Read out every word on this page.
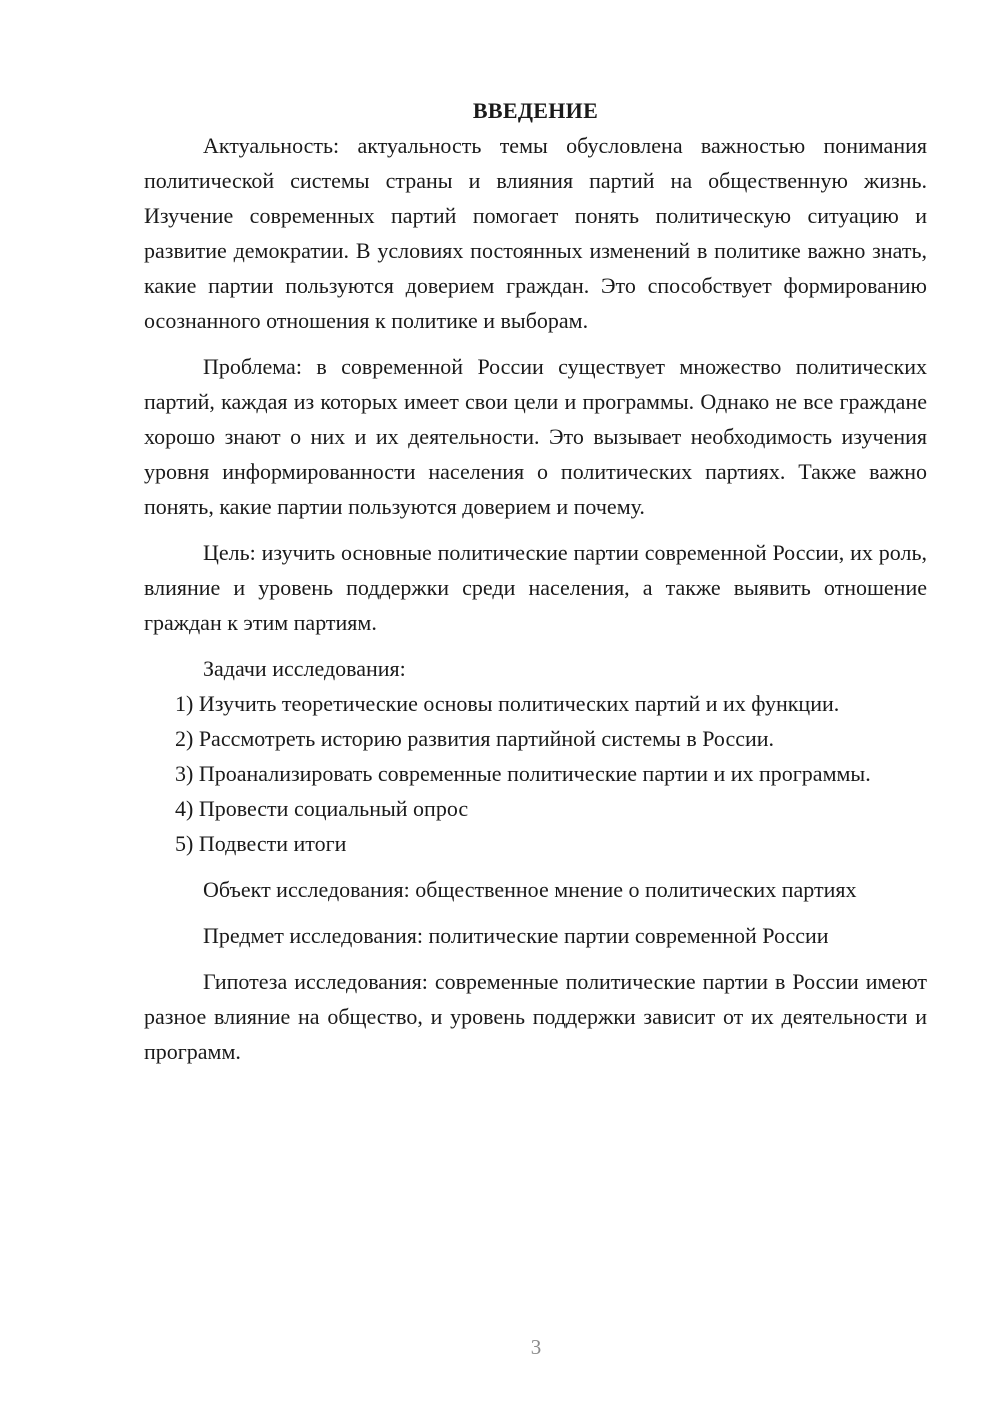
ВВЕДЕНИЕ

Актуальность: актуальность темы обусловлена важностью понимания политической системы страны и влияния партий на общественную жизнь. Изучение современных партий помогает понять политическую ситуацию и развитие демократии. В условиях постоянных изменений в политике важно знать, какие партии пользуются доверием граждан. Это способствует формированию осознанного отношения к политике и выборам.

Проблема: в современной России существует множество политических партий, каждая из которых имеет свои цели и программы. Однако не все граждане хорошо знают о них и их деятельности. Это вызывает необходимость изучения уровня информированности населения о политических партиях. Также важно понять, какие партии пользуются доверием и почему.

Цель: изучить основные политические партии современной России, их роль, влияние и уровень поддержки среди населения, а также выявить отношение граждан к этим партиям.

Задачи исследования:

1) Изучить теоретические основы политических партий и их функции.

2) Рассмотреть историю развития партийной системы в России.

3) Проанализировать современные политические партии и их программы.

4) Провести социальный опрос

5) Подвести итоги

Объект исследования: общественное мнение о политических партиях

Предмет исследования: политические партии современной России

Гипотеза исследования: современные политические партии в России имеют разное влияние на общество, и уровень поддержки зависит от их деятельности и программ.

3
